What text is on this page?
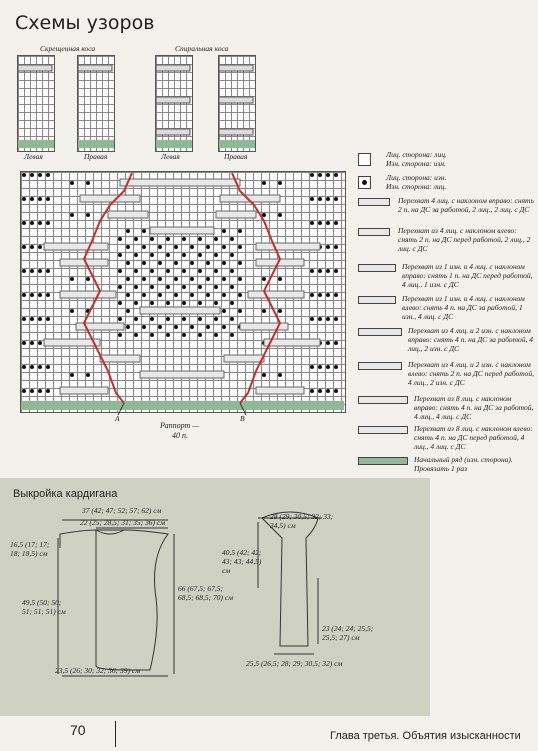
Схемы узоров
Скрещенная коса	Спиральная коса
Левая	Правая	Левая	Правая
A	B
Раппорт —
40 п.
Лиц. сторона: лиц.
Изн. сторона: изн.
Лиц. сторона: изн.
Изн. сторона: лиц.
Перехват 4 лиц. с наклоном вправо: снять 2 п. на ДС за работой, 2 лиц., 2 лиц. с ДС
Перехват из 4 лиц. с наклоном влево: снять 2 п. на ДС перед работой, 2 лиц., 2 лиц. с ДС
Перехват из 1 изн. и 4 лиц. с наклоном вправо: снять 1 п. на ДС перед работой, 4 лиц., 1 изн. с ДС
Перехват из 1 изн. и 4 лиц. с наклоном влево: снять 4 п. на ДС за работой, 1 изн., 4 лиц. с ДС
Перехват из 4 лиц. и 2 изн. с наклоном вправо: снять 4 п. на ДС за работой, 4 лиц., 2 изн. с ДС
Перехват из 4 лиц. и 2 изн. с наклоном влево: снять 2 п. на ДС перед работой, 4 лиц., 2 изн. с ДС
Перехват из 8 лиц. с наклоном вправо: снять 4 п. на ДС за работой, 4 лиц., 4 лиц. с ДС
Перехват из 8 лиц. с наклоном влево: снять 4 п. на ДС перед работой, 4 лиц., 4 лиц. с ДС
Начальный ряд (изн. сторона). Провязать 1 раз
Выкройка кардигана
37 (42; 47; 52; 57; 62) см
22 (25; 28,5; 31; 35; 36) см
16,5 (17; 17; 18; 18,5) см
49,5 (50; 50; 51; 51; 51) см
66 (67,5; 67,5; 68,5; 68,5; 70) см
23,5 (26; 30; 32; 36; 39) см
28 (29; 30,5; 32; 33; 34,5) см
40,5 (42; 42; 43; 43; 44,5) см
23 (24; 24; 25,5; 25,5; 27) см
25,5 (26,5; 28; 29; 30,5; 32) см
70	Глава третья. Объятия изысканности
